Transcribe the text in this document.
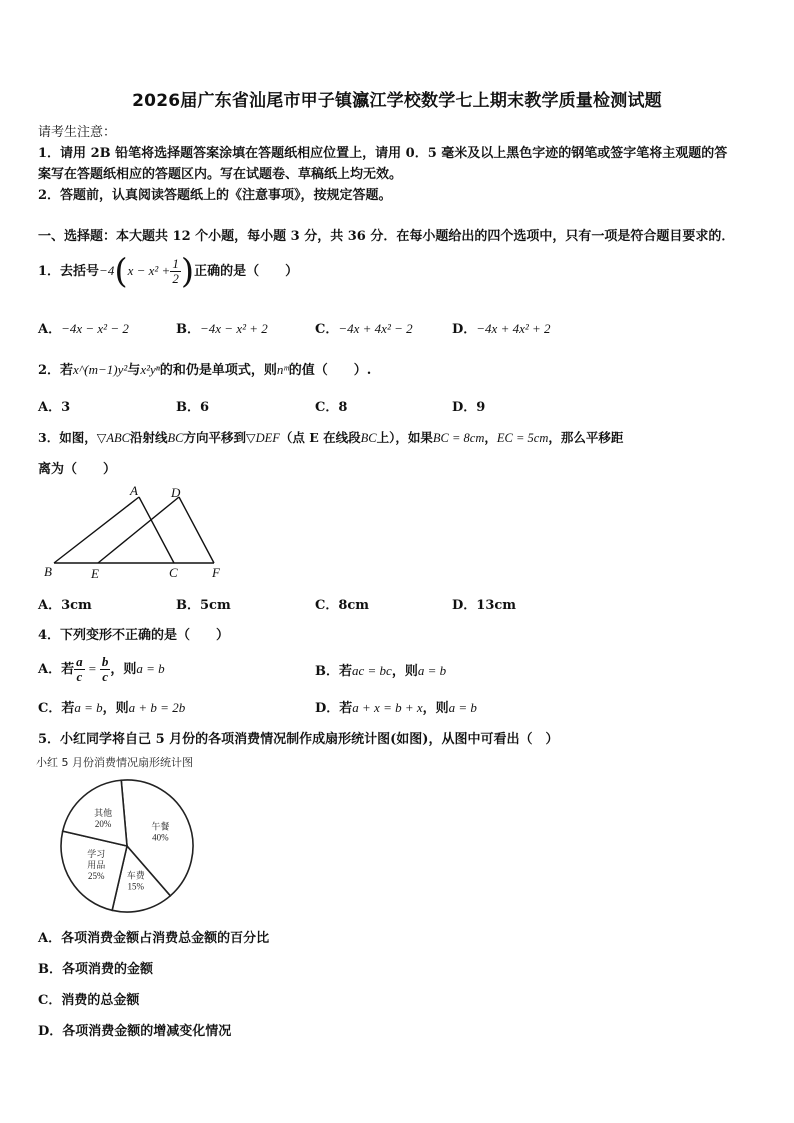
2026届广东省汕尾市甲子镇瀛江学校数学七上期末教学质量检测试题
请考生注意：
1．请用 2B 铅笔将选择题答案涂填在答题纸相应位置上，请用 0．5 毫米及以上黑色字迹的钢笔或签字笔将主观题的答
案写在答题纸相应的答题区内。写在试题卷、草稿纸上均无效。
2．答题前，认真阅读答题纸上的《注意事项》，按规定答题。
一、选择题：本大题共 12 个小题，每小题 3 分，共 36 分．在每小题给出的四个选项中，只有一项是符合题目要求的．
1．去括号$-4(x - x^2 + \frac{1}{2}$ )正确的是（　　）
A．−4x − x² − 2	B．−4x − x² + 2	C．−4x + 4x² − 2	D．−4x + 4x² + 2
2．若x^(m−1)y²与x²yⁿ的和仍是单项式，则nᵐ的值（　　）.
A．3	B．6	C．8	D．9
3．如图，▽ABC沿射线BC方向平移到▽DEF（点 E 在线段BC上），如果BC = 8cm，EC = 5cm，那么平移距
离为（　　）
A	D
B	E	C	F
A．3cm	B．5cm	C．8cm	D．13cm
4．下列变形不正确的是（　　）
A．若 $\frac{a}{c} = \frac{b}{c}$ ，则a = b	B．若ac = bc，则a = b
C．若a = b，则a + b = 2b	D．若a + x = b + x，则a = b
5．小红同学将自己 5 月份的各项消费情况制作成扇形统计图(如图)，从图中可看出（　）
小红 5 月份消费情况扇形统计图
午餐
40%
车费
15%
学习
用品
25%
其他
20%
A．各项消费金额占消费总金额的百分比
B．各项消费的金额
C．消费的总金额
D．各项消费金额的增减变化情况
